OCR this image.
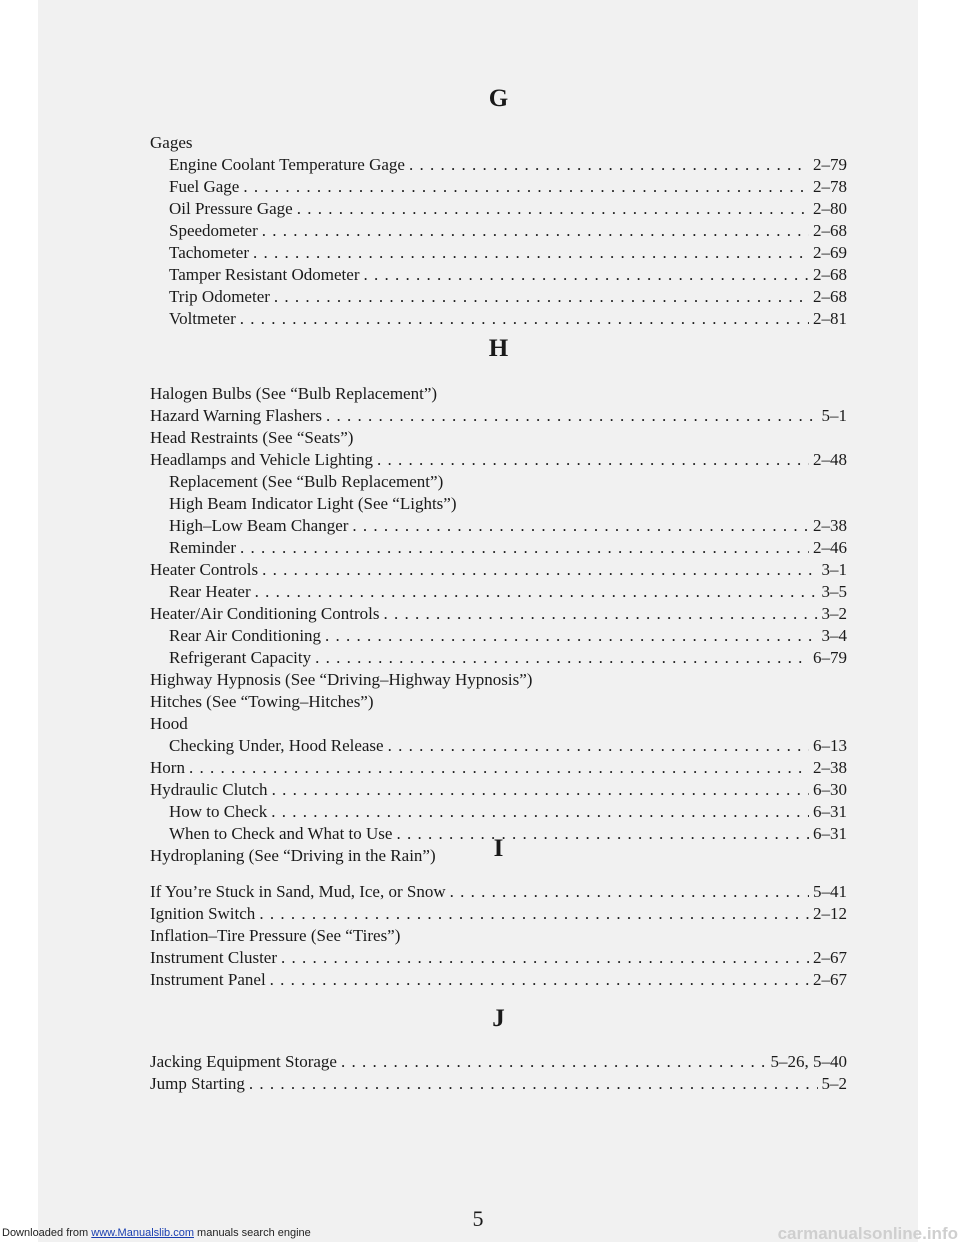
G
Gages
Engine Coolant Temperature Gage . . .	2–79
Fuel Gage . . .	2–78
Oil Pressure Gage . . .	2–80
Speedometer . . .	2–68
Tachometer . . .	2–69
Tamper Resistant Odometer . . .	2–68
Trip Odometer . . .	2–68
Voltmeter . . .	2–81
H
Halogen Bulbs (See “Bulb Replacement”)
Hazard Warning Flashers . . .	5–1
Head Restraints (See “Seats”)
Headlamps and Vehicle Lighting . . .	2–48
Replacement (See “Bulb Replacement”)
High Beam Indicator Light (See “Lights”)
High–Low Beam Changer . . .	2–38
Reminder . . .	2–46
Heater Controls . . .	3–1
Rear Heater . . .	3–5
Heater/Air Conditioning Controls . . .	3–2
Rear Air Conditioning . . .	3–4
Refrigerant Capacity . . .	6–79
Highway Hypnosis (See “Driving–Highway Hypnosis”)
Hitches (See “Towing–Hitches”)
Hood
Checking Under, Hood Release . . .	6–13
Horn . . .	2–38
Hydraulic Clutch . . .	6–30
How to Check . . .	6–31
When to Check and What to Use . . .	6–31
Hydroplaning (See “Driving in the Rain”)	I
If You’re Stuck in Sand, Mud, Ice, or Snow . . .	5–41
Ignition Switch . . .	2–12
Inflation–Tire Pressure (See “Tires”)
Instrument Cluster . . .	2–67
Instrument Panel . . .	2–67
J
Jacking Equipment Storage . . .	5–26, 5–40
Jump Starting . . .	5–2
5
Downloaded from www.Manualslib.com manuals search engine	carmanualsonline.info
